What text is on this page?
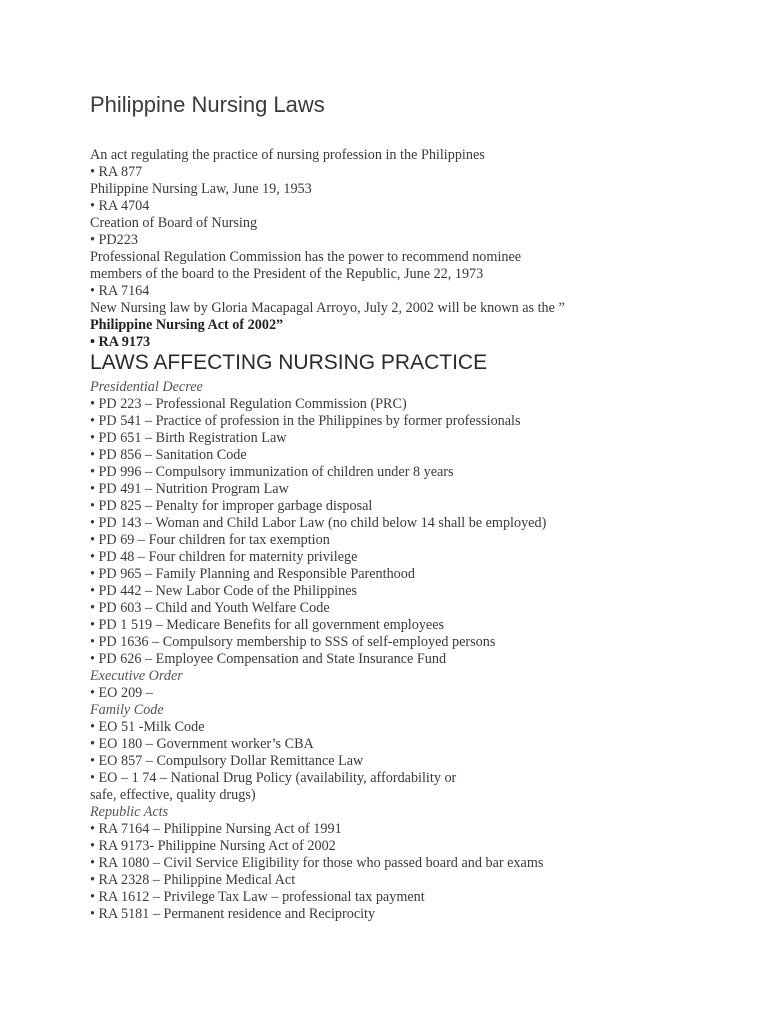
Philippine Nursing Laws
An act regulating the practice of nursing profession in the Philippines
• RA 877
Philippine Nursing Law, June 19, 1953
• RA 4704
Creation of Board of Nursing
• PD223
Professional Regulation Commission has the power to recommend nominee
members of the board to the President of the Republic, June 22, 1973
• RA 7164
New Nursing law by Gloria Macapagal Arroyo, July 2, 2002 will be known as the ”
Philippine Nursing Act of 2002”
• RA 9173
LAWS AFFECTING NURSING PRACTICE
Presidential Decree
• PD 223 – Professional Regulation Commission (PRC)
• PD 541 – Practice of profession in the Philippines by former professionals
• PD 651 – Birth Registration Law
• PD 856 – Sanitation Code
• PD 996 – Compulsory immunization of children under 8 years
• PD 491 – Nutrition Program Law
• PD 825 – Penalty for improper garbage disposal
• PD 143 – Woman and Child Labor Law (no child below 14 shall be employed)
• PD 69 – Four children for tax exemption
• PD 48 – Four children for maternity privilege
• PD 965 – Family Planning and Responsible Parenthood
• PD 442 – New Labor Code of the Philippines
• PD 603 – Child and Youth Welfare Code
• PD 1 519 – Medicare Benefits for all government employees
• PD 1636 – Compulsory membership to SSS of self-employed persons
• PD 626 – Employee Compensation and State Insurance Fund
Executive Order
• EO 209 –
Family Code
• EO 51 -Milk Code
• EO 180 – Government worker’s CBA
• EO 857 – Compulsory Dollar Remittance Law
• EO – 1 74 – National Drug Policy (availability, affordability or
safe, effective, quality drugs)
Republic Acts
• RA 7164 – Philippine Nursing Act of 1991
• RA 9173- Philippine Nursing Act of 2002
• RA 1080 – Civil Service Eligibility for those who passed board and bar exams
• RA 2328 – Philippine Medical Act
• RA 1612 – Privilege Tax Law – professional tax payment
• RA 5181 – Permanent residence and Reciprocity
